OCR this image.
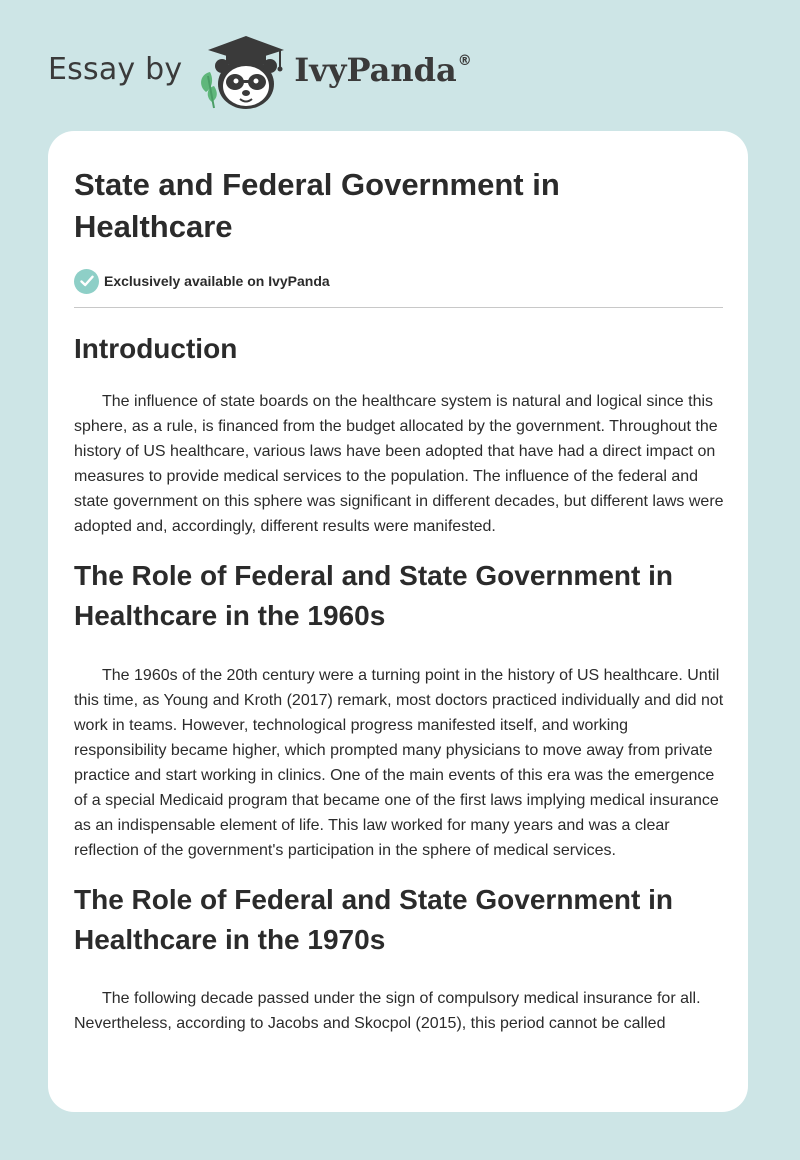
Essay by	IvyPanda®
State and Federal Government in Healthcare
Exclusively available on IvyPanda
Introduction

The influence of state boards on the healthcare system is natural and logical since this sphere, as a rule, is financed from the budget allocated by the government. Throughout the history of US healthcare, various laws have been adopted that have had a direct impact on measures to provide medical services to the population. The influence of the federal and state government on this sphere was significant in different decades, but different laws were adopted and, accordingly, different results were manifested.

The Role of Federal and State Government in Healthcare in the 1960s

The 1960s of the 20th century were a turning point in the history of US healthcare. Until this time, as Young and Kroth (2017) remark, most doctors practiced individually and did not work in teams. However, technological progress manifested itself, and working responsibility became higher, which prompted many physicians to move away from private practice and start working in clinics. One of the main events of this era was the emergence of a special Medicaid program that became one of the first laws implying medical insurance as an indispensable element of life. This law worked for many years and was a clear reflection of the government's participation in the sphere of medical services.

The Role of Federal and State Government in Healthcare in the 1970s

The following decade passed under the sign of compulsory medical insurance for all. Nevertheless, according to Jacobs and Skocpol (2015), this period cannot be called
